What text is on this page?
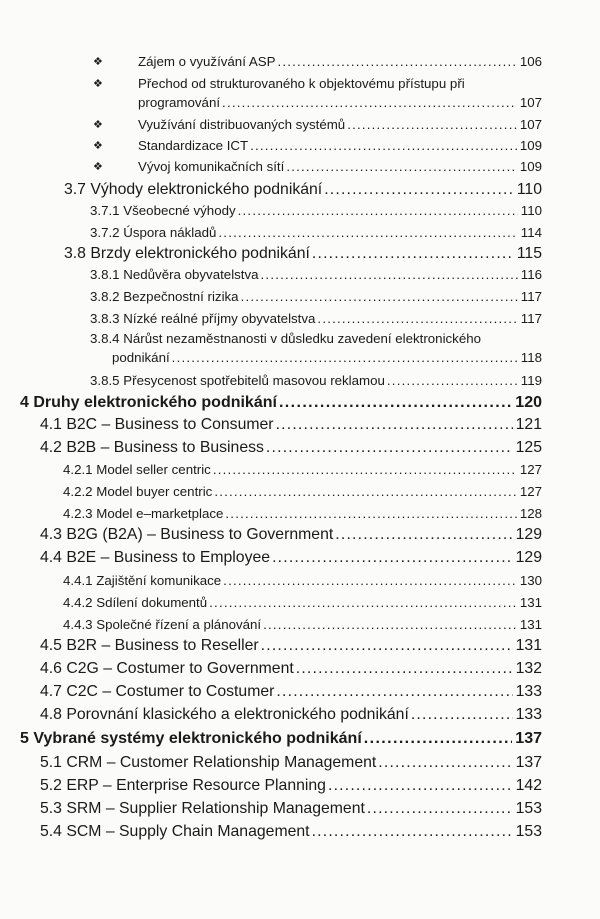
❖	Zájem o využívání ASP .....	106
❖	Přechod od strukturovaného k objektovému přístupu při
programování .....	107
❖	Využívání distribuovaných systémů .....	107
❖	Standardizace ICT .....	109
❖	Vývoj komunikačních sítí .....	109
3.7 Výhody elektronického podnikání .....	110
3.7.1 Všeobecné výhody .....	110
3.7.2 Úspora nákladů .....	114
3.8 Brzdy elektronického podnikání .....	115
3.8.1 Nedůvěra obyvatelstva .....	116
3.8.2 Bezpečnostní rizika .....	117
3.8.3 Nízké reálné příjmy obyvatelstva .....	117
3.8.4 Nárůst nezaměstnanosti v důsledku zavedení elektronického
podnikání .....	118
3.8.5 Přesycenost spotřebitelů masovou reklamou .....	119
4 Druhy elektronického podnikání .....	120
4.1 B2C – Business to Consumer .....	121
4.2 B2B – Business to Business .....	125
4.2.1 Model seller centric .....	127
4.2.2 Model buyer centric .....	127
4.2.3 Model e–marketplace .....	128
4.3 B2G (B2A) – Business to Government .....	129
4.4 B2E – Business to Employee .....	129
4.4.1 Zajištění komunikace .....	130
4.4.2 Sdílení dokumentů .....	131
4.4.3 Společné řízení a plánování .....	131
4.5 B2R – Business to Reseller .....	131
4.6 C2G – Costumer to Government .....	132
4.7 C2C – Costumer to Costumer .....	133
4.8 Porovnání klasického a elektronického podnikání .....	133
5 Vybrané systémy elektronického podnikání .....	137
5.1 CRM – Customer Relationship Management .....	137
5.2 ERP – Enterprise Resource Planning .....	142
5.3 SRM – Supplier Relationship Management .....	153
5.4 SCM – Supply Chain Management .....	153
